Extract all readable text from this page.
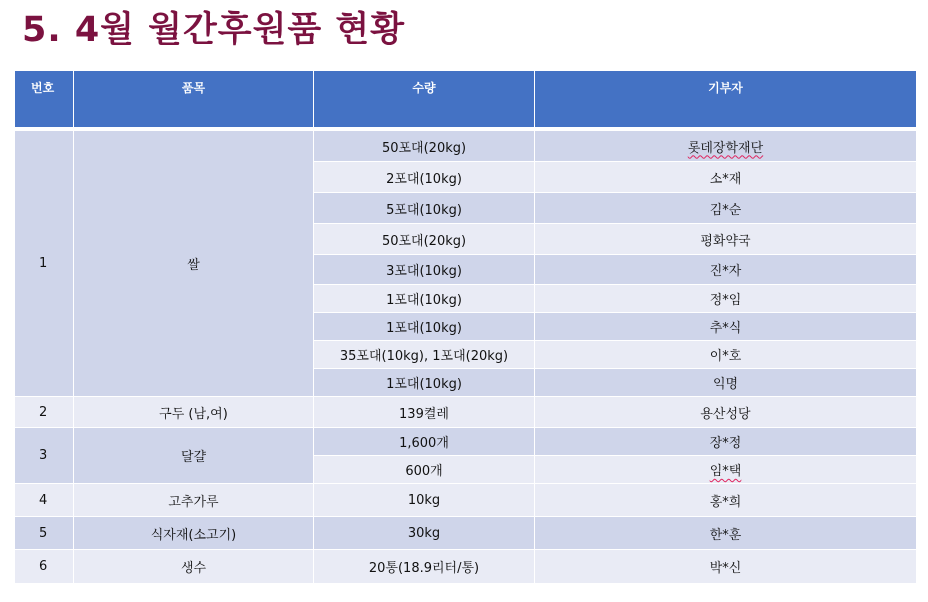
5. 4월 월간후원품 현황
번호	품목	수량	기부자

1	쌀	50포대(20kg)	롯데장학재단
		2포대(10kg)	소*재
		5포대(10kg)	김*순
		50포대(20kg)	평화약국
		3포대(10kg)	진*자
		1포대(10kg)	정*임
		1포대(10kg)	추*식
		35포대(10kg), 1포대(20kg)	이*호
		1포대(10kg)	익명
2	구두 (남,여)	139켤레	용산성당
3	달걀	1,600개	장*정
		600개	임*택
4	고추가루	10kg	홍*희
5	식자재(소고기)	30kg	한*훈
6	생수	20통(18.9리터/통)	박*신
